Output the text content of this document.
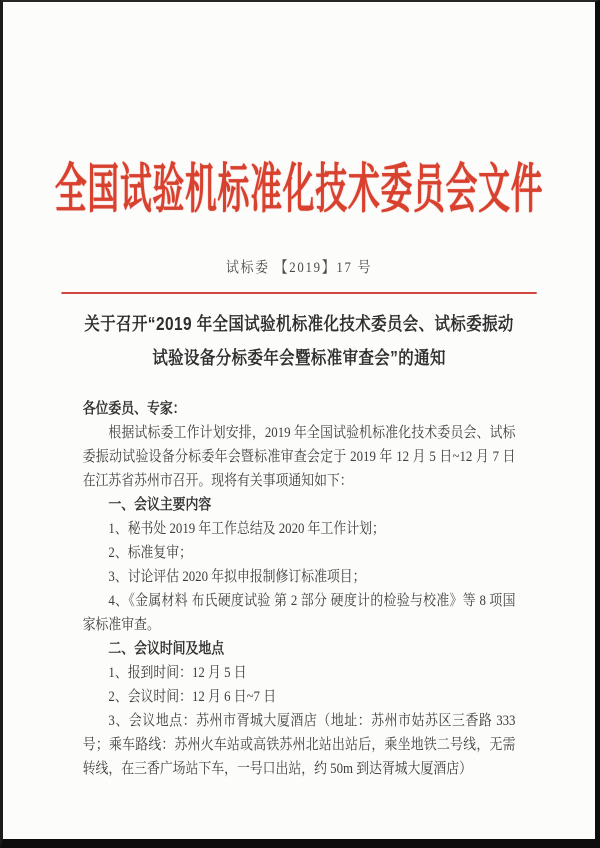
全国试验机标准化技术委员会文件
试标委 【2019】17 号
关于召开“2019 年全国试验机标准化技术委员会、试标委振动
试验设备分标委年会暨标准审查会”的通知

各位委员、专家：

根据试标委工作计划安排，2019 年全国试验机标准化技术委员会、试标委振动试验设备分标委年会暨标准审查会定于 2019 年 12 月 5 日~12 月 7 日在江苏省苏州市召开。现将有关事项通知如下：

一、会议主要内容

1、秘书处 2019 年工作总结及 2020 年工作计划；

2、标准复审；

3、讨论评估 2020 年拟申报制修订标准项目；

4、《金属材料 布氏硬度试验 第 2 部分 硬度计的检验与校准》等 8 项国家标准审查。

二、会议时间及地点

1、报到时间：12 月 5 日

2、会议时间：12 月 6 日~7 日

3、会议地点：苏州市胥城大厦酒店（地址：苏州市姑苏区三香路 333 号；乘车路线：苏州火车站或高铁苏州北站出站后，乘坐地铁二号线，无需转线，在三香广场站下车，一号口出站，约 50m 到达胥城大厦酒店）
